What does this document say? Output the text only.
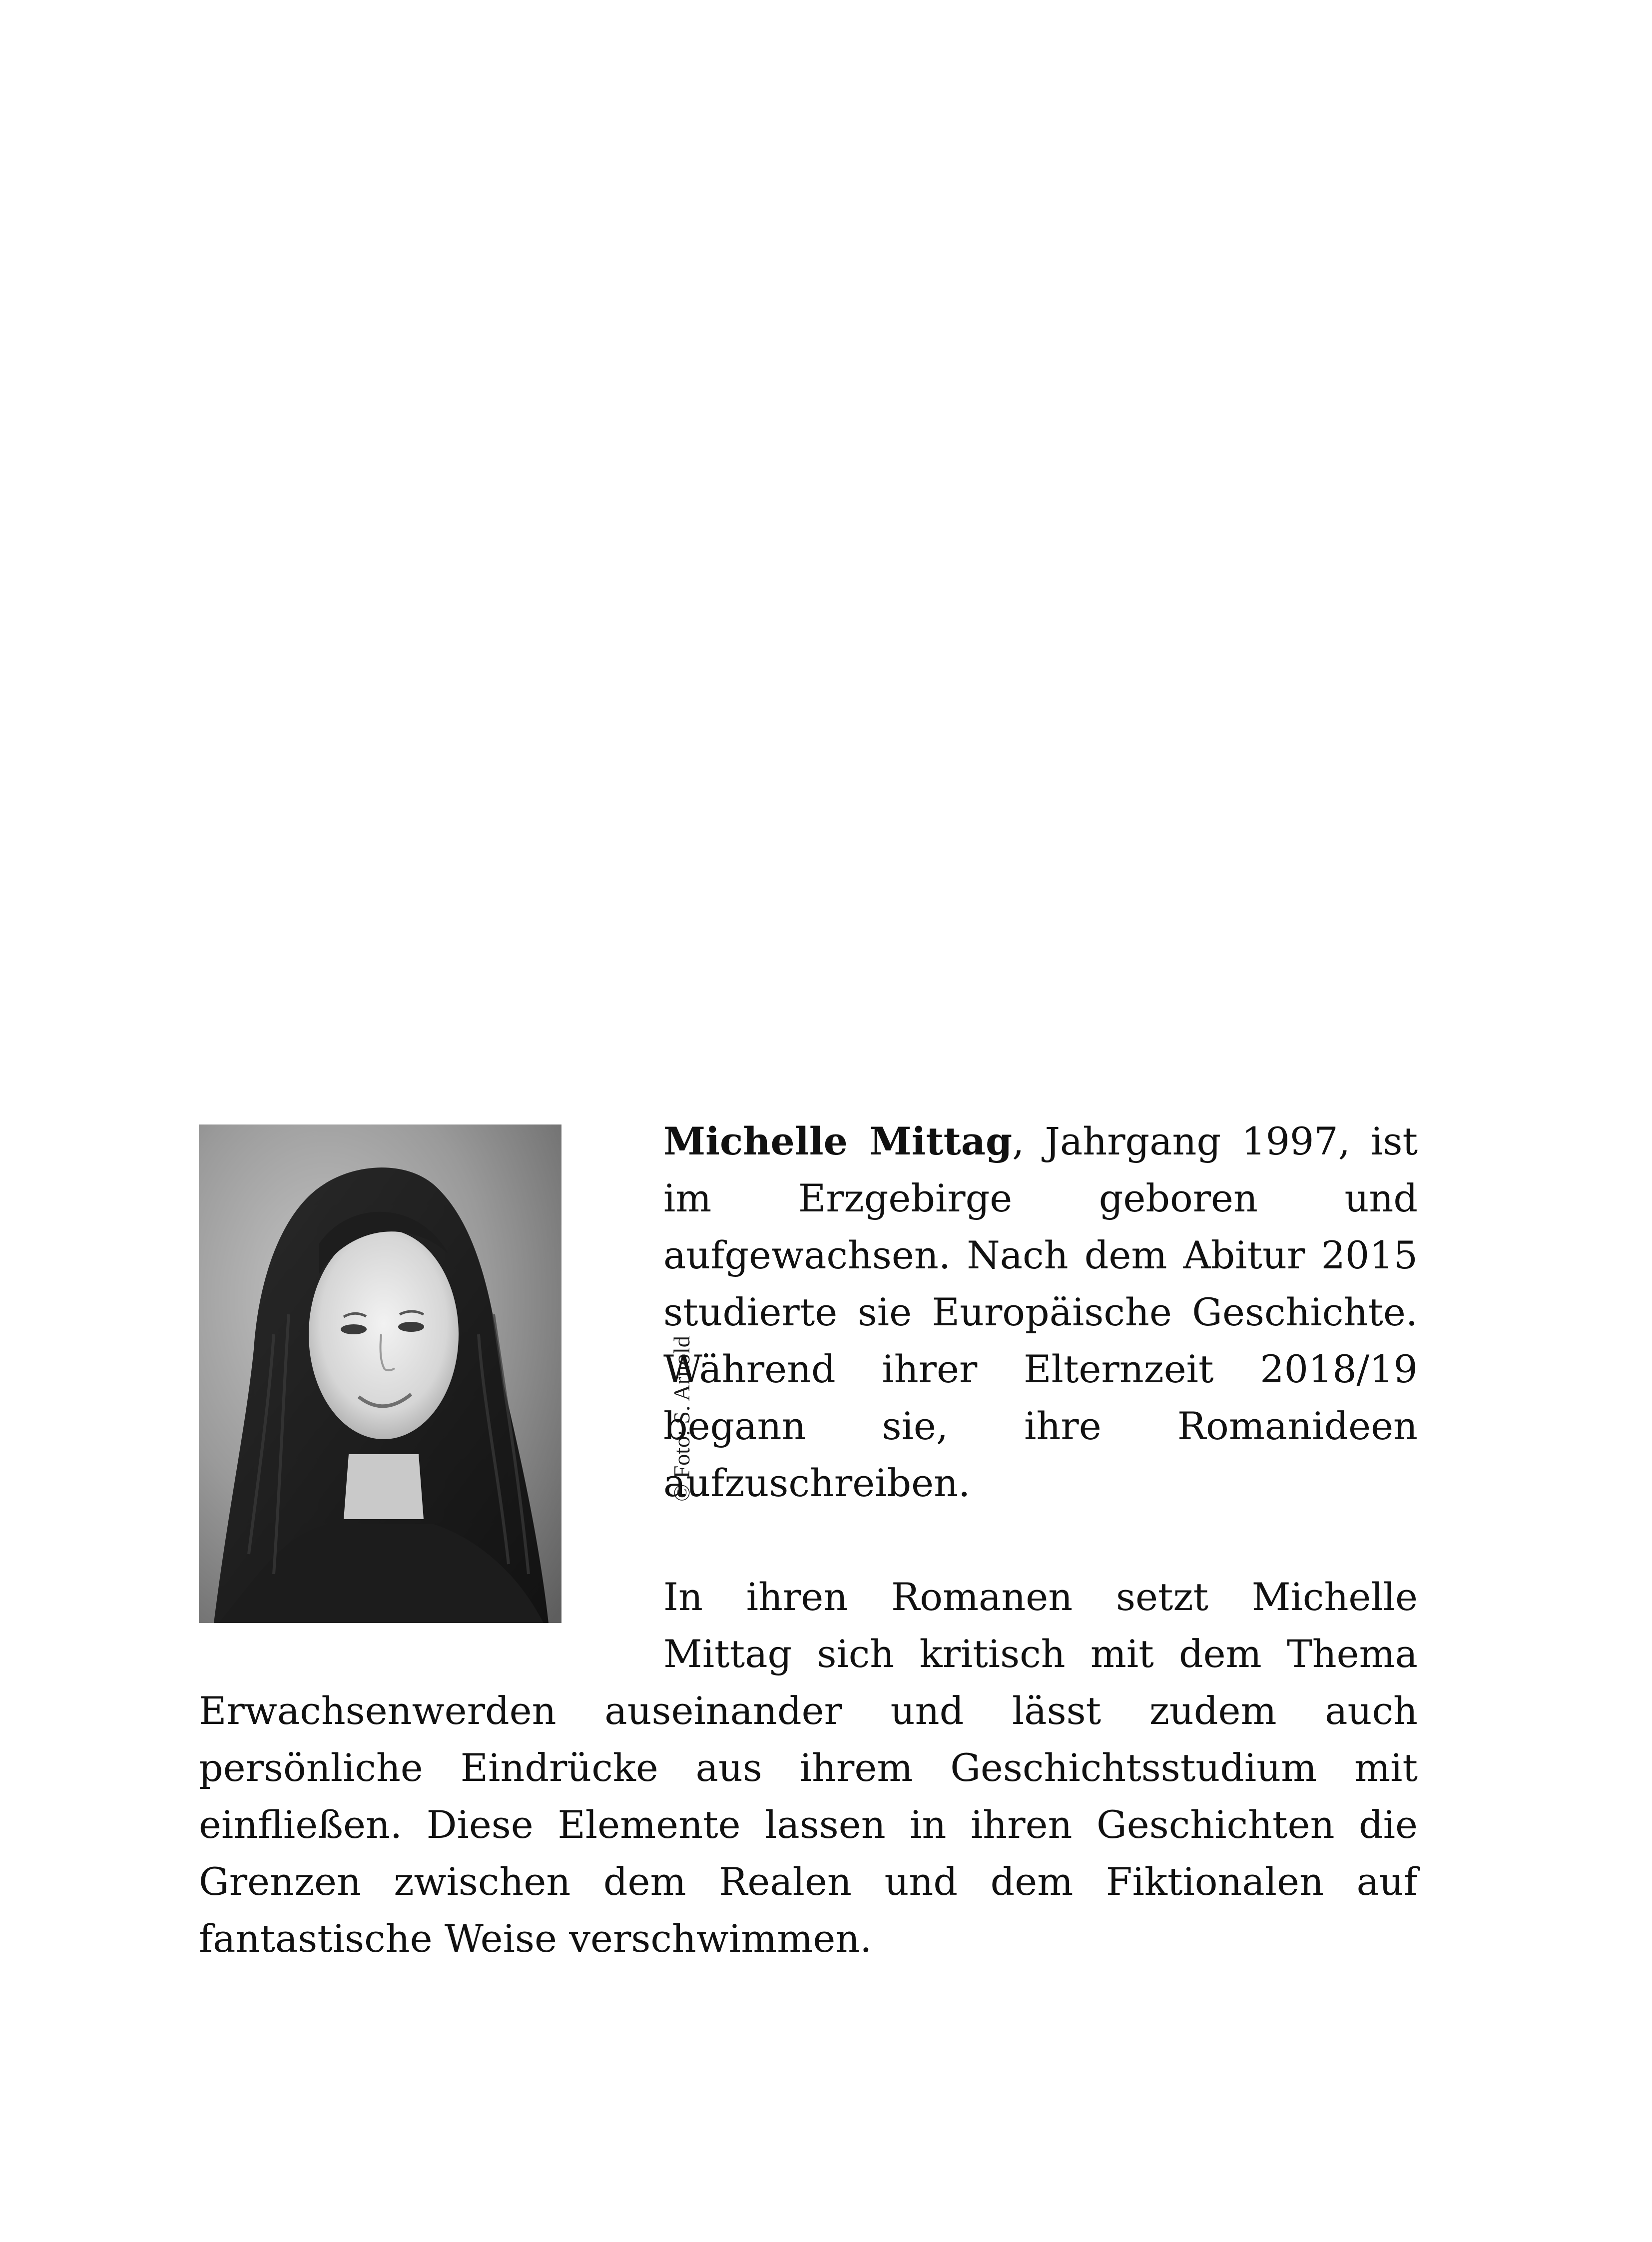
© Foto: S. Arnold

Michelle Mittag, Jahrgang 1997, ist im Erzgebirge geboren und aufgewachsen. Nach dem Abitur 2015 studierte sie Europäische Geschichte. Während ihrer Elternzeit 2018/19 begann sie, ihre Romanideen aufzuschreiben.

In ihren Romanen setzt Michelle Mittag sich kritisch mit dem Thema Erwachsenwerden auseinander und lässt zudem auch persönliche Eindrücke aus ihrem Geschichtsstudium mit einfließen. Diese Elemente lassen in ihren Geschichten die Grenzen zwischen dem Realen und dem Fiktionalen auf fantastische Weise verschwimmen.
